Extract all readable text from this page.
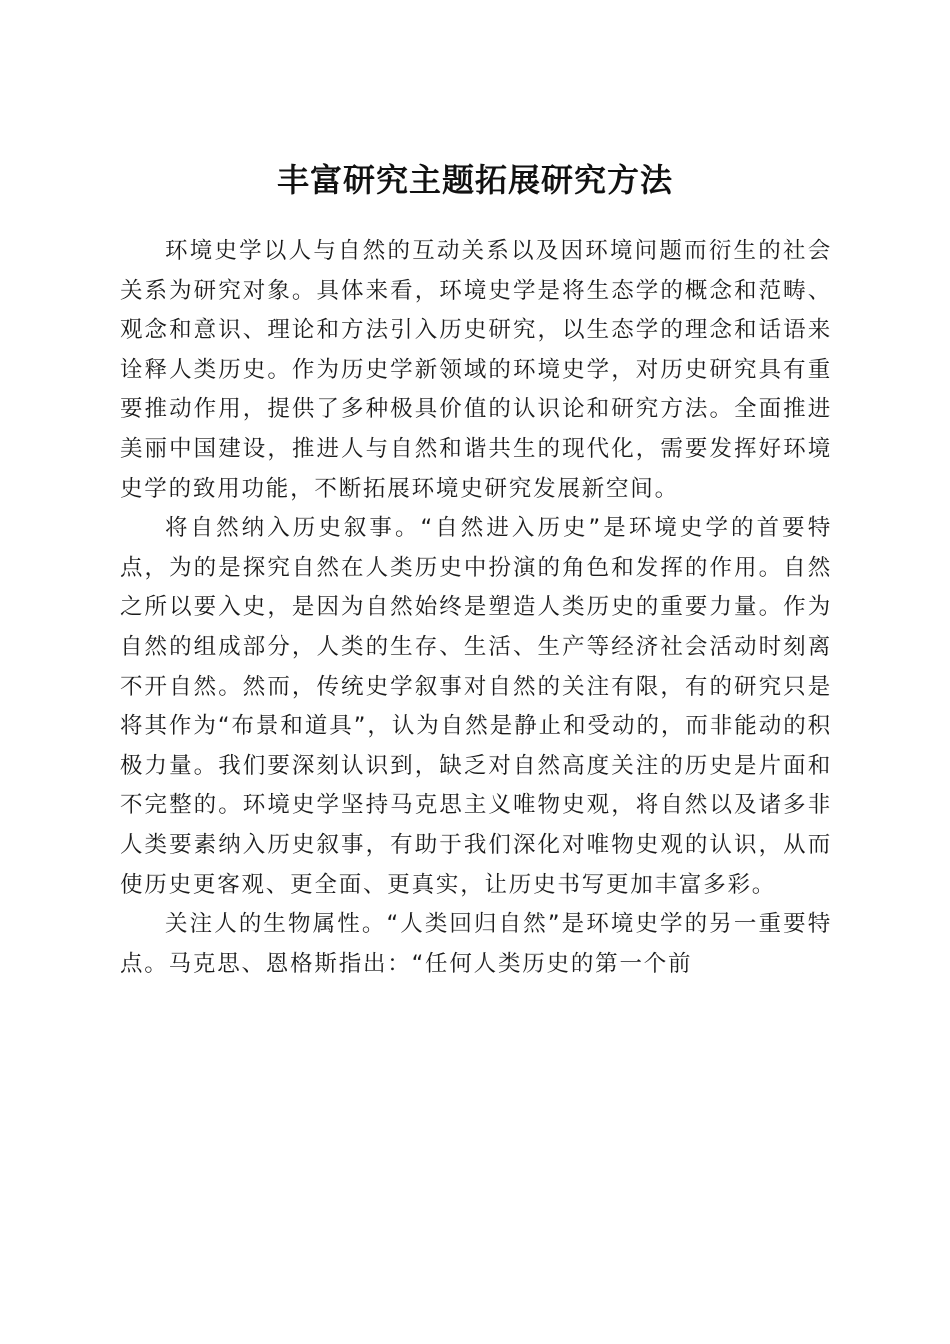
丰富研究主题拓展研究方法

环境史学以人与自然的互动关系以及因环境问题而衍生的社会关系为研究对象。具体来看，环境史学是将生态学的概念和范畴、观念和意识、理论和方法引入历史研究，以生态学的理念和话语来诠释人类历史。作为历史学新领域的环境史学，对历史研究具有重要推动作用，提供了多种极具价值的认识论和研究方法。全面推进美丽中国建设，推进人与自然和谐共生的现代化，需要发挥好环境史学的致用功能，不断拓展环境史研究发展新空间。

将自然纳入历史叙事。“自然进入历史”是环境史学的首要特点，为的是探究自然在人类历史中扮演的角色和发挥的作用。自然之所以要入史，是因为自然始终是塑造人类历史的重要力量。作为自然的组成部分，人类的生存、生活、生产等经济社会活动时刻离不开自然。然而，传统史学叙事对自然的关注有限，有的研究只是将其作为“布景和道具”，认为自然是静止和受动的，而非能动的积极力量。我们要深刻认识到，缺乏对自然高度关注的历史是片面和不完整的。环境史学坚持马克思主义唯物史观，将自然以及诸多非人类要素纳入历史叙事，有助于我们深化对唯物史观的认识，从而使历史更客观、更全面、更真实，让历史书写更加丰富多彩。

关注人的生物属性。“人类回归自然”是环境史学的另一重要特点。马克思、恩格斯指出：“任何人类历史的第一个前
